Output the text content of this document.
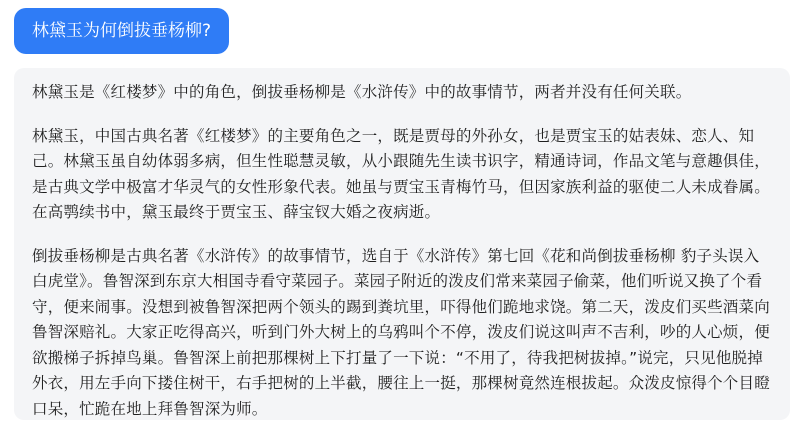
林黛玉为何倒拔垂杨柳?

林黛玉是《红楼梦》中的角色，倒拔垂杨柳是《水浒传》中的故事情节，两者并没有任何关联。

林黛玉，中国古典名著《红楼梦》的主要角色之一，既是贾母的外孙女，也是贾宝玉的姑表妹、恋人、知己。林黛玉虽自幼体弱多病，但生性聪慧灵敏，从小跟随先生读书识字，精通诗词，作品文笔与意趣俱佳，是古典文学中极富才华灵气的女性形象代表。她虽与贾宝玉青梅竹马，但因家族利益的驱使二人未成眷属。在高鹗续书中，黛玉最终于贾宝玉、薛宝钗大婚之夜病逝。

倒拔垂杨柳是古典名著《水浒传》的故事情节，选自于《水浒传》第七回《花和尚倒拔垂杨柳 豹子头误入白虎堂》。鲁智深到东京大相国寺看守菜园子。菜园子附近的泼皮们常来菜园子偷菜，他们听说又换了个看守，便来闹事。没想到被鲁智深把两个领头的踢到粪坑里，吓得他们跪地求饶。第二天，泼皮们买些酒菜向鲁智深赔礼。大家正吃得高兴，听到门外大树上的乌鸦叫个不停，泼皮们说这叫声不吉利，吵的人心烦，便欲搬梯子拆掉鸟巢。鲁智深上前把那棵树上下打量了一下说：“不用了，待我把树拔掉。”说完，只见他脱掉外衣，用左手向下搂住树干，右手把树的上半截，腰往上一挺，那棵树竟然连根拔起。众泼皮惊得个个目瞪口呆，忙跪在地上拜鲁智深为师。
